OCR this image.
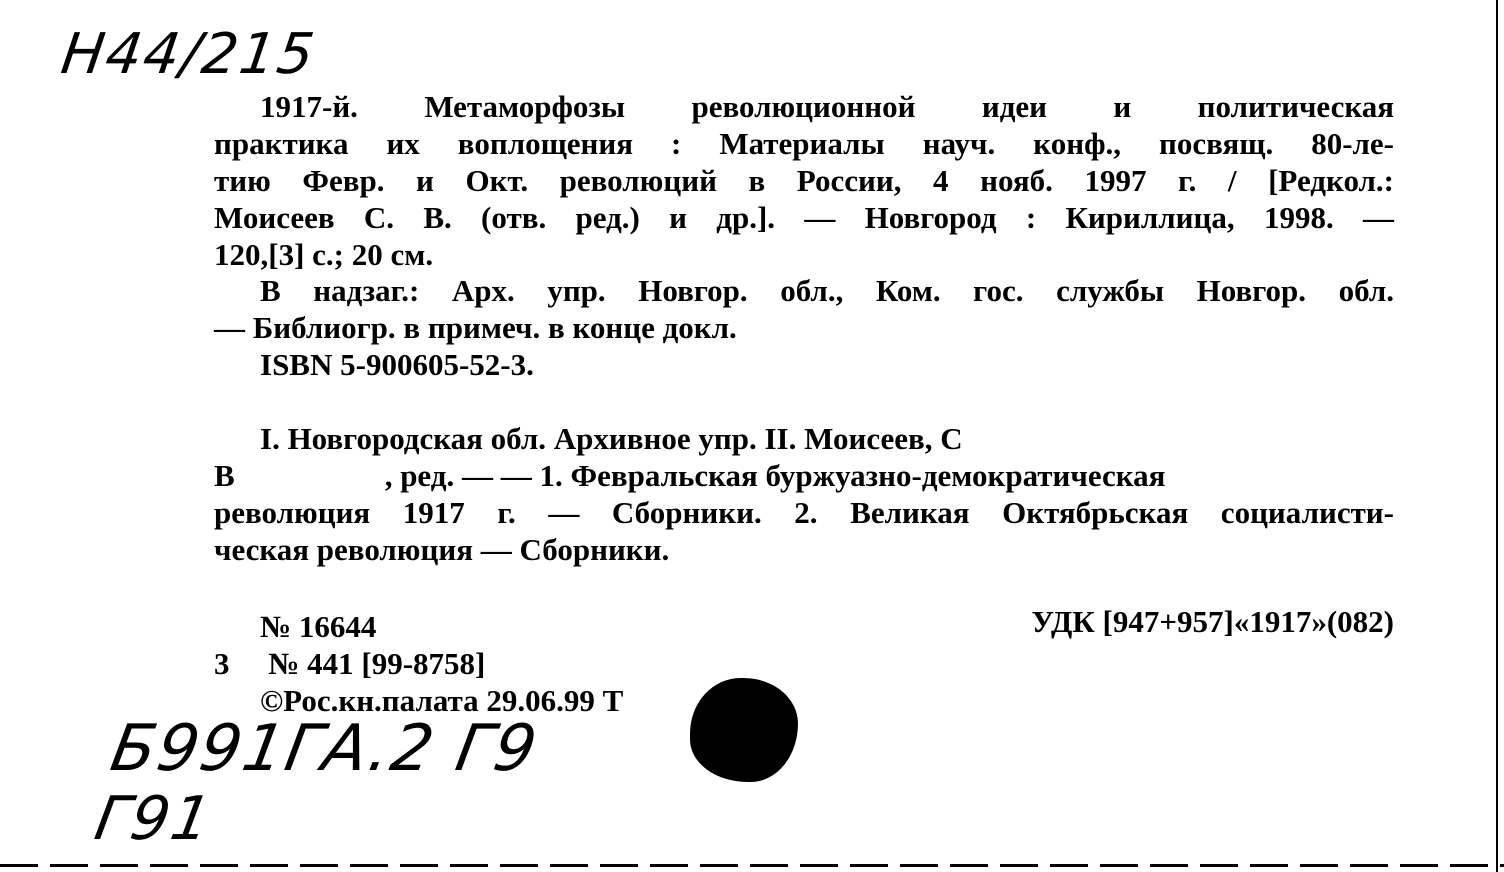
Н44/215
1917-й. Метаморфозы революционной идеи и политическая
практика их воплощения : Материалы науч. конф., посвящ. 80-ле-
тию Февр. и Окт. революций в России, 4 нояб. 1997 г. / [Редкол.:
Моисеев С. В. (отв. ред.) и др.]. — Новгород : Кириллица, 1998. —
120,[3] с.; 20 см.
В надзаг.: Арх. упр. Новгор. обл., Ком. гос. службы Новгор. обл.
— Библиогр. в примеч. в конце докл.
ISBN 5-900605-52-3.
I. Новгородская обл. Архивное упр. II. Моисеев, С
В	, ред. — — 1. Февральская буржуазно-демократическая
революция 1917 г. — Сборники. 2. Великая Октябрьская социалисти-
ческая революция — Сборники.
№ 16644
3 № 441 [99-8758]
©Рос.кн.палата 29.06.99 Т
УДК [947+957]«1917»(082)
Б991ГА.2 Г9
Г91
